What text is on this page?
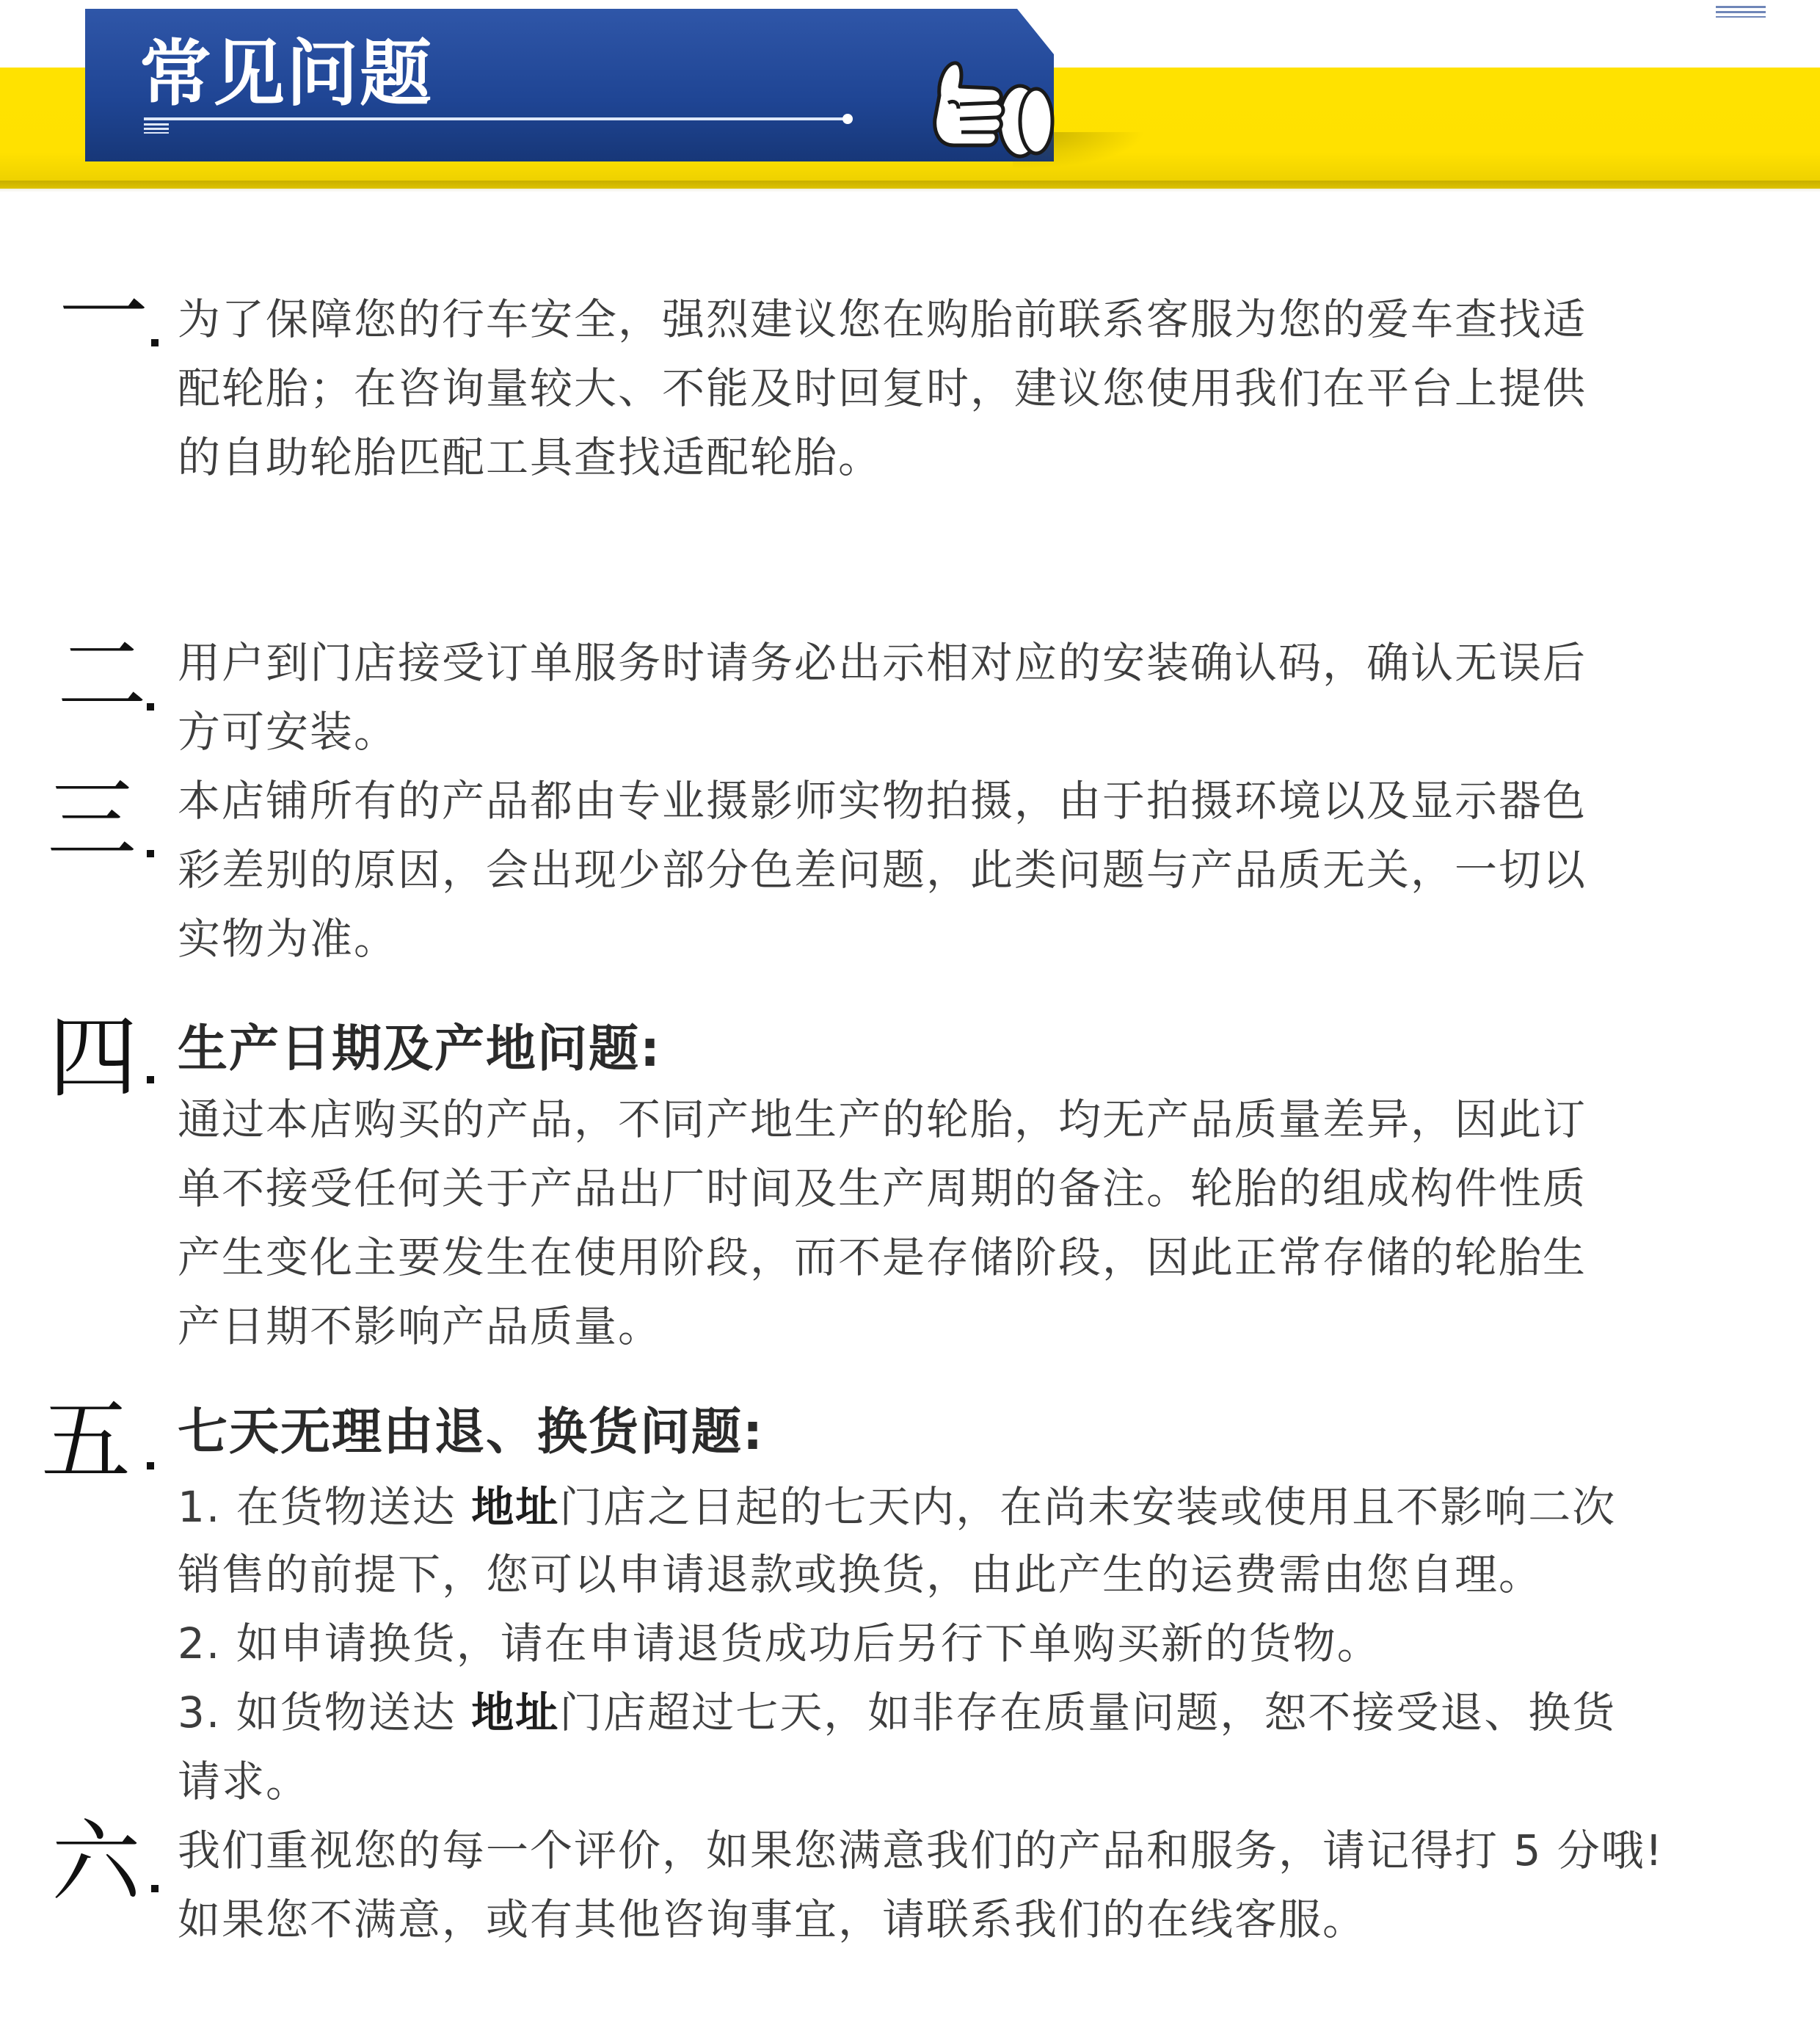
常见问题
一 为了保障您的行车安全，强烈建议您在购胎前联系客服为您的爱车查找适
配轮胎；在咨询量较大、不能及时回复时，建议您使用我们在平台上提供
的自助轮胎匹配工具查找适配轮胎。
二 用户到门店接受订单服务时请务必出示相对应的安装确认码，确认无误后
方可安装。
三 本店铺所有的产品都由专业摄影师实物拍摄，由于拍摄环境以及显示器色
彩差别的原因，会出现少部分色差问题，此类问题与产品质无关，一切以
实物为准。
四 生产日期及产地问题:
通过本店购买的产品，不同产地生产的轮胎，均无产品质量差异，因此订
单不接受任何关于产品出厂时间及生产周期的备注。轮胎的组成构件性质
产生变化主要发生在使用阶段，而不是存储阶段，因此正常存储的轮胎生
产日期不影响产品质量。
五 七天无理由退、换货问题:
1. 在货物送达 地址门店之日起的七天内，在尚未安装或使用且不影响二次
销售的前提下，您可以申请退款或换货，由此产生的运费需由您自理。
2. 如申请换货，请在申请退货成功后另行下单购买新的货物。
3. 如货物送达 地址门店超过七天，如非存在质量问题，恕不接受退、换货
请求。
六 我们重视您的每一个评价，如果您满意我们的产品和服务，请记得打 5 分哦!
如果您不满意，或有其他咨询事宜，请联系我们的在线客服。
